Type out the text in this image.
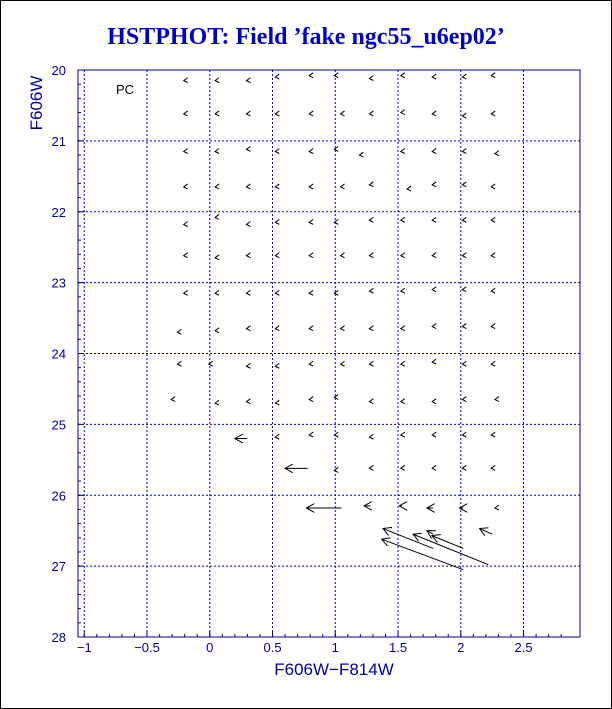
HSTPHOT: Field ’fake ngc55_u6ep02’
−1	−0.5	0	0.5	1	1.5	2	2.5
20
21
22
23
24
25
26
27
28
PC
F606W−F814W
F606W
